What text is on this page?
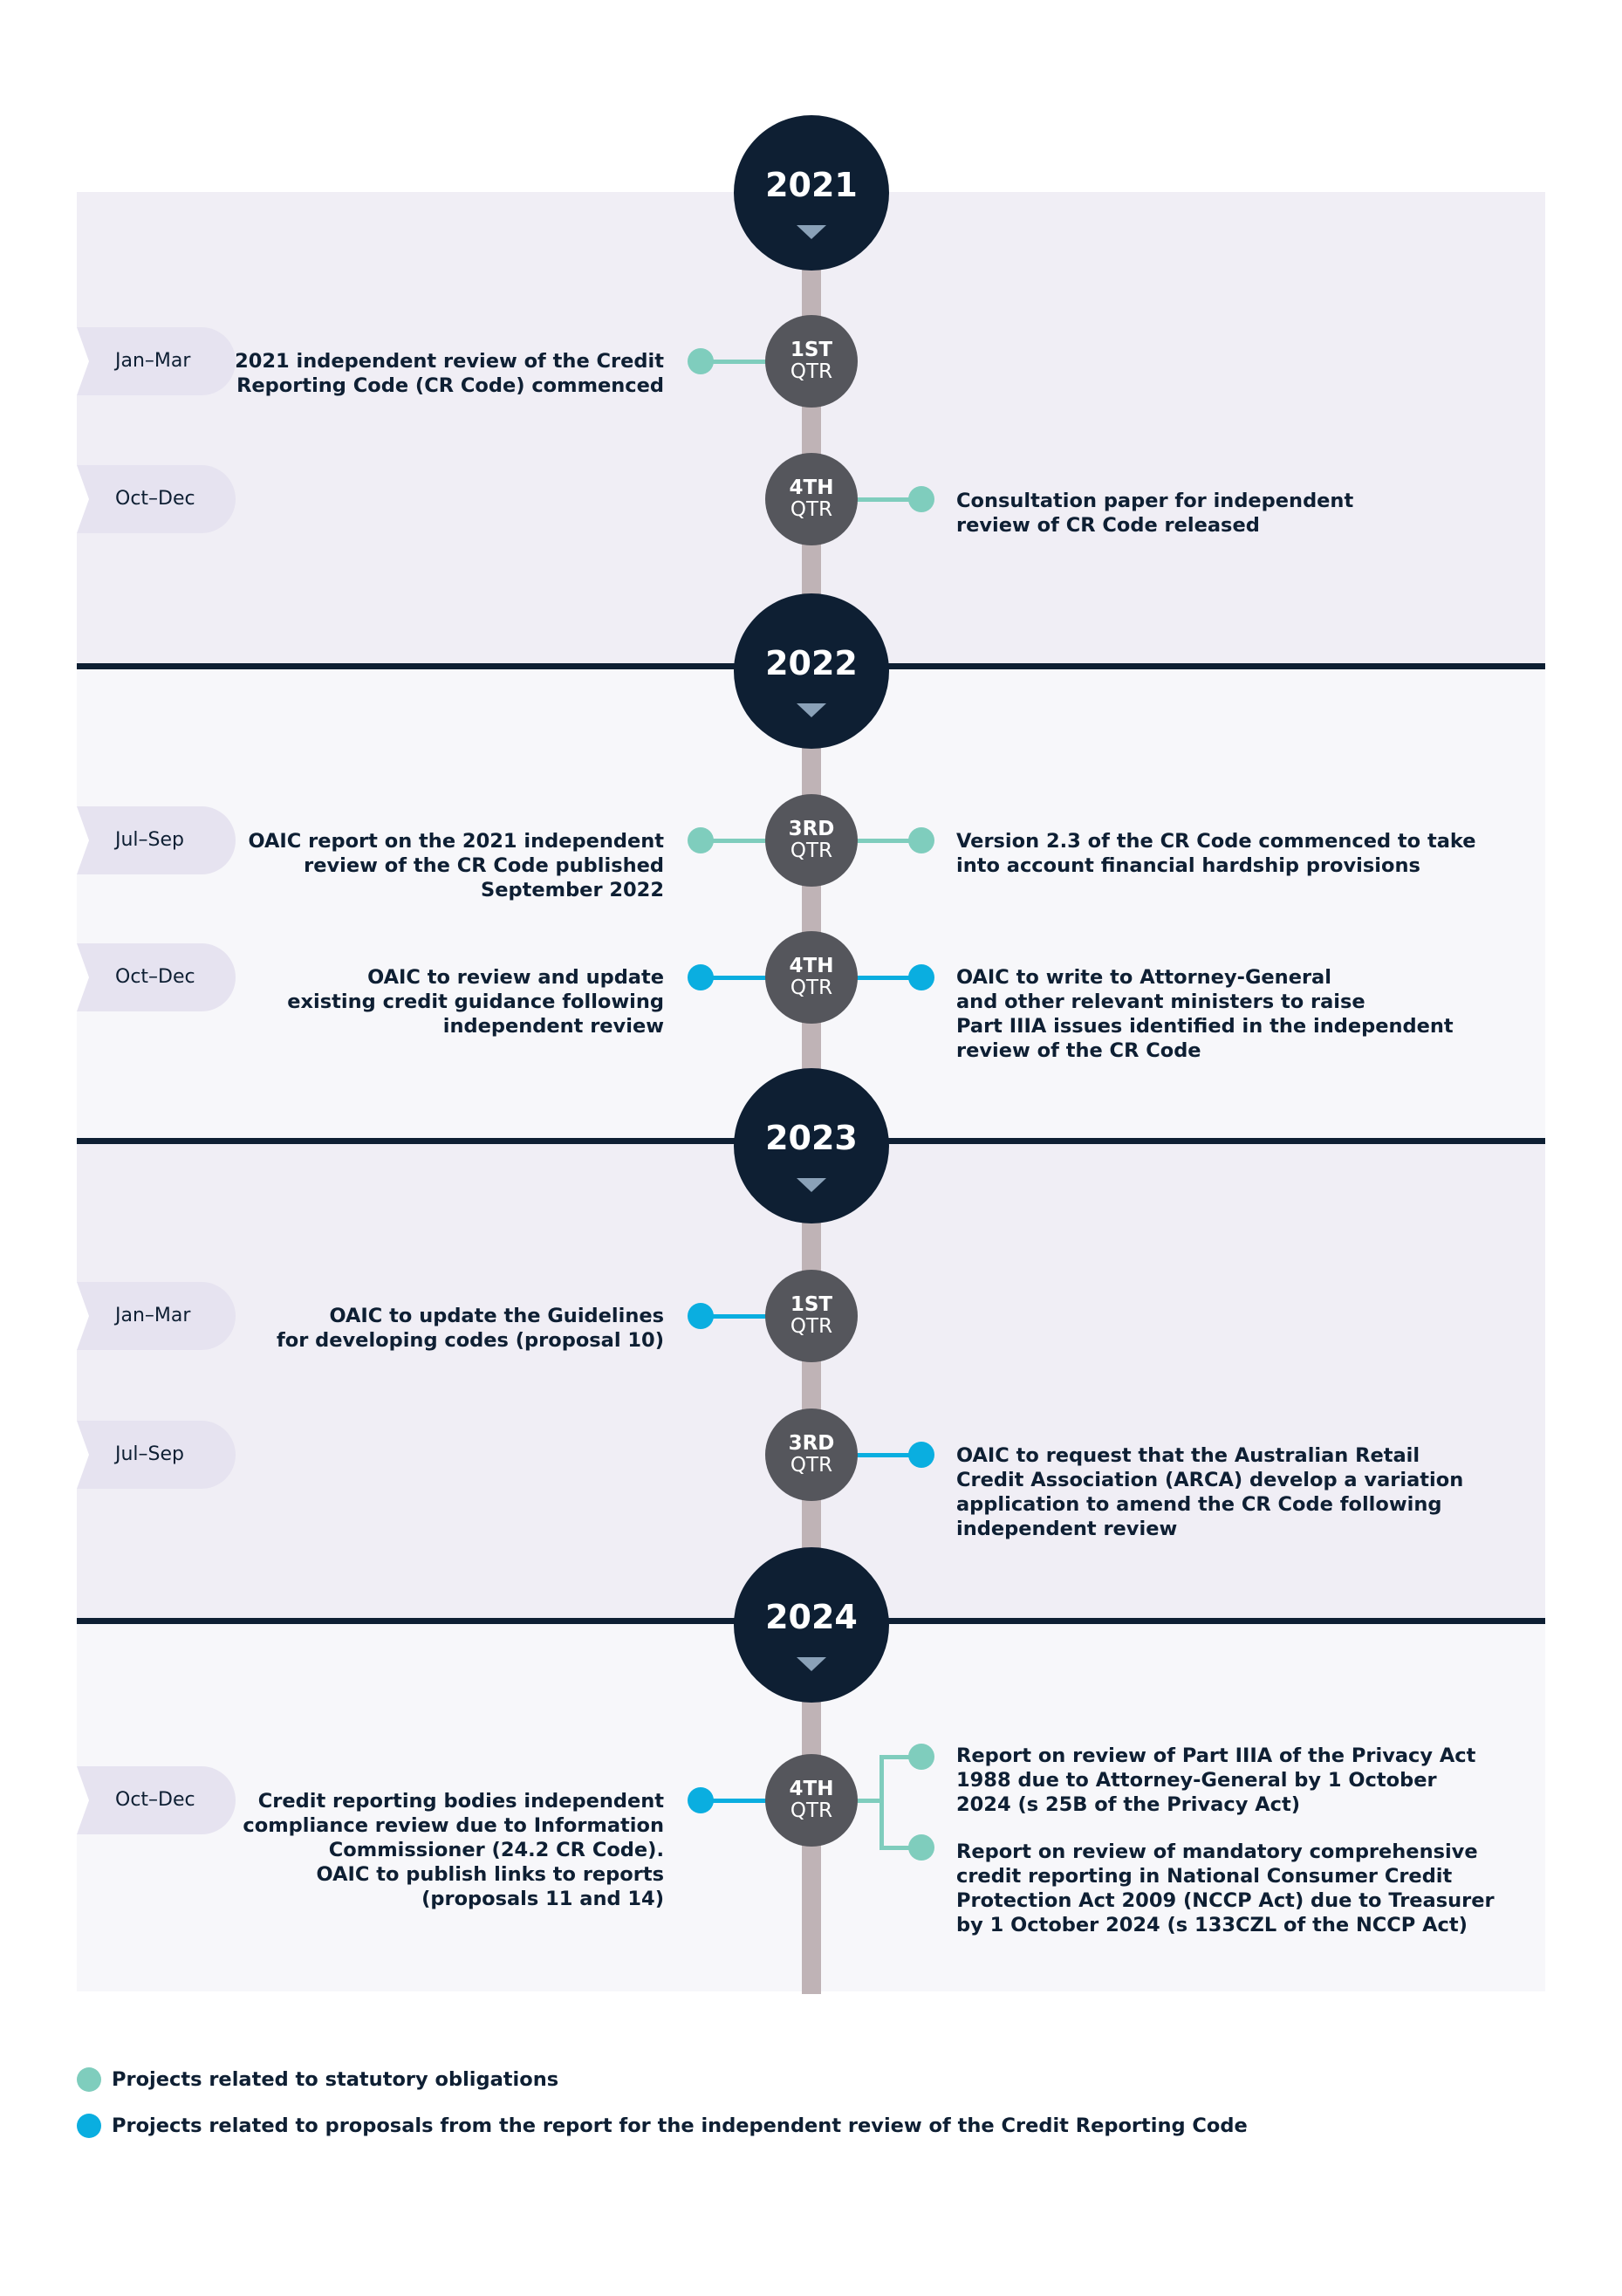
2021
2022
2023
2024
Jan–Mar	1ST
QTR
2021 independent review of the Credit
Reporting Code (CR Code) commenced
Oct–Dec	4TH
QTR	Consultation paper for independent
review of CR Code released
Jul–Sep	3RD
QTR
OAIC report on the 2021 independent
review of the CR Code published
September 2022
Version 2.3 of the CR Code commenced to take
into account financial hardship provisions
Oct–Dec	4TH
QTR
OAIC to review and update
existing credit guidance following
independent review
OAIC to write to Attorney-General
and other relevant ministers to raise
Part IIIA issues identified in the independent
review of the CR Code
Jan–Mar	1ST
QTR
OAIC to update the Guidelines
for developing codes (proposal 10)
Jul–Sep	3RD
QTR	OAIC to request that the Australian Retail
Credit Association (ARCA) develop a variation
application to amend the CR Code following
independent review
Oct–Dec	4TH
QTR
Credit reporting bodies independent
compliance review due to Information
Commissioner (24.2 CR Code).
OAIC to publish links to reports
(proposals 11 and 14)
Report on review of Part IIIA of the Privacy Act
1988 due to Attorney-General by 1 October
2024 (s 25B of the Privacy Act)
Report on review of mandatory comprehensive
credit reporting in National Consumer Credit
Protection Act 2009 (NCCP Act) due to Treasurer
by 1 October 2024 (s 133CZL of the NCCP Act)
Projects related to statutory obligations
Projects related to proposals from the report for the independent review of the Credit Reporting Code
